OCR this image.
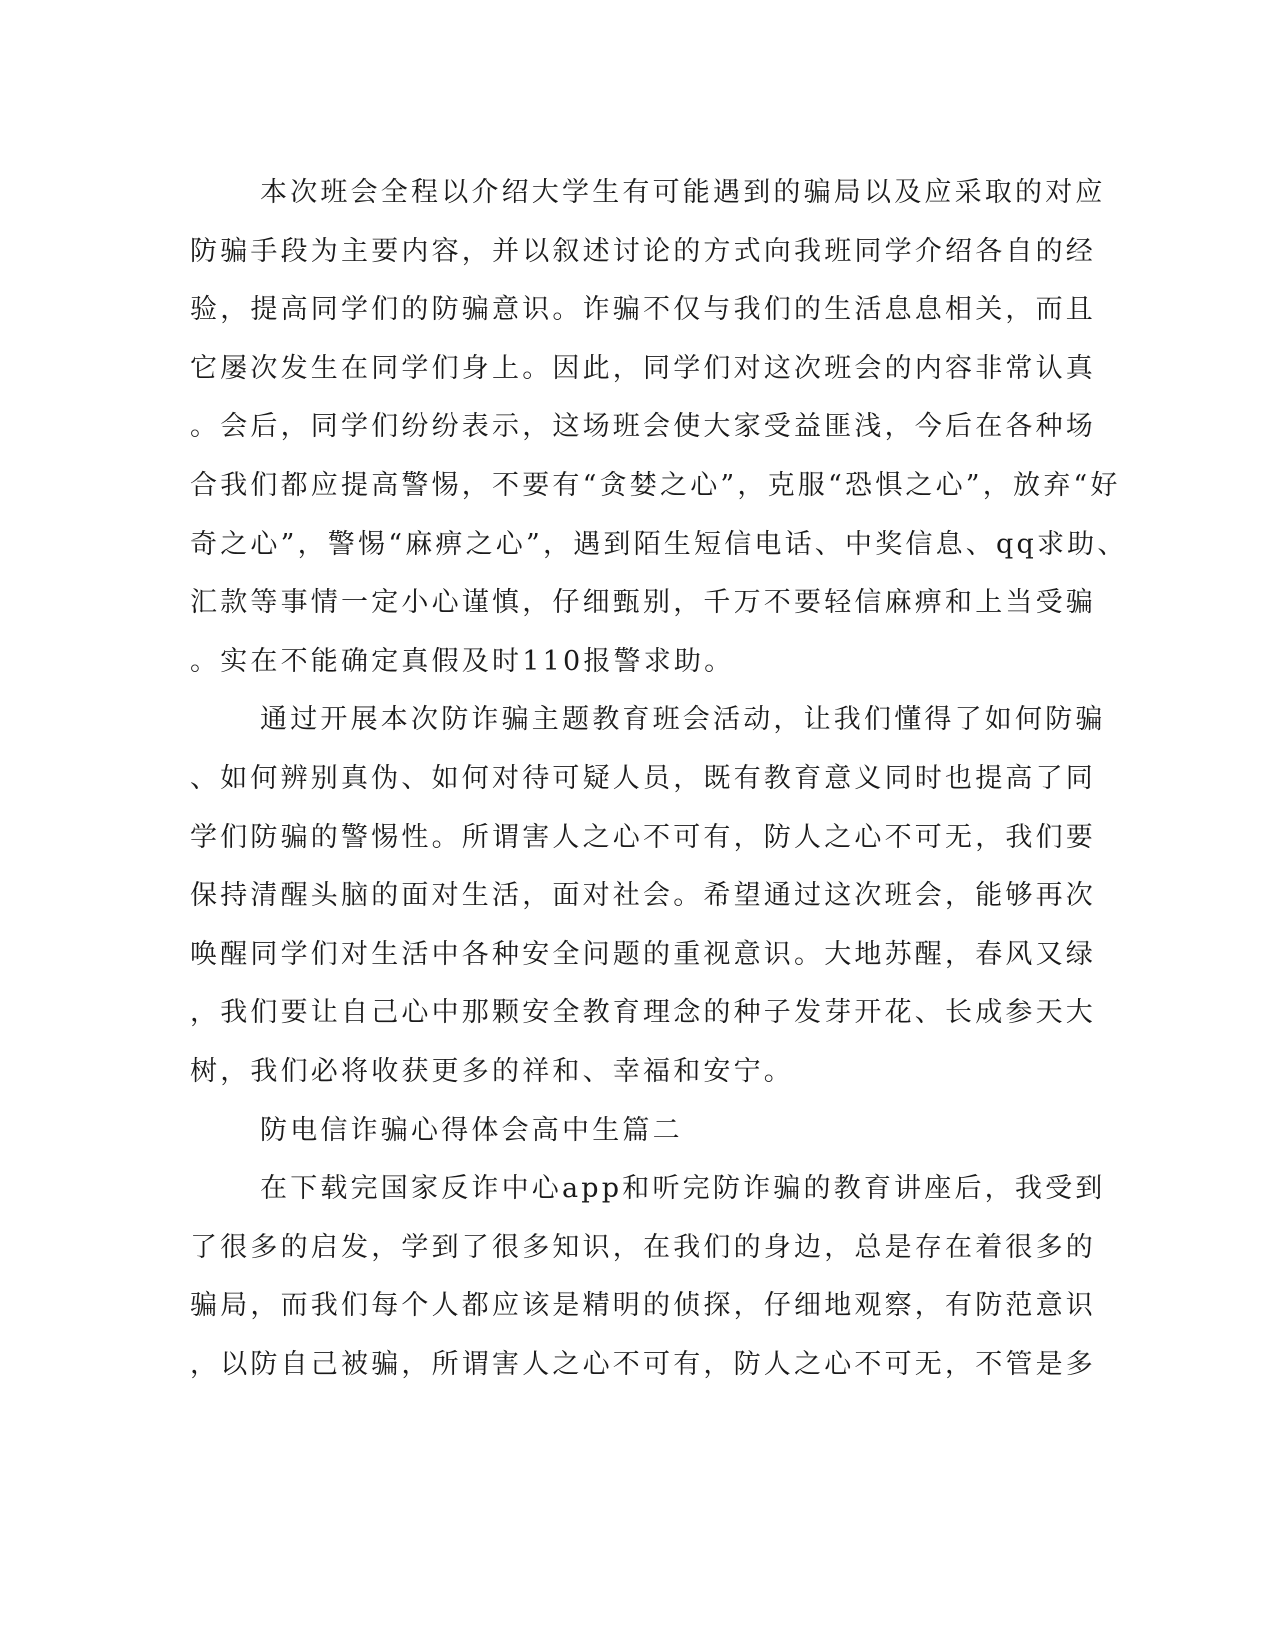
本次班会全程以介绍大学生有可能遇到的骗局以及应采取的对应
防骗手段为主要内容，并以叙述讨论的方式向我班同学介绍各自的经
验，提高同学们的防骗意识。诈骗不仅与我们的生活息息相关，而且
它屡次发生在同学们身上。因此，同学们对这次班会的内容非常认真
。会后，同学们纷纷表示，这场班会使大家受益匪浅，今后在各种场
合我们都应提高警惕，不要有“贪婪之心”，克服“恐惧之心”，放弃“好
奇之心”，警惕“麻痹之心”，遇到陌生短信电话、中奖信息、qq求助、
汇款等事情一定小心谨慎，仔细甄别，千万不要轻信麻痹和上当受骗
。实在不能确定真假及时110报警求助。
通过开展本次防诈骗主题教育班会活动，让我们懂得了如何防骗
、如何辨别真伪、如何对待可疑人员，既有教育意义同时也提高了同
学们防骗的警惕性。所谓害人之心不可有，防人之心不可无，我们要
保持清醒头脑的面对生活，面对社会。希望通过这次班会，能够再次
唤醒同学们对生活中各种安全问题的重视意识。大地苏醒，春风又绿
，我们要让自己心中那颗安全教育理念的种子发芽开花、长成参天大
树，我们必将收获更多的祥和、幸福和安宁。
防电信诈骗心得体会高中生篇二
在下载完国家反诈中心app和听完防诈骗的教育讲座后，我受到
了很多的启发，学到了很多知识，在我们的身边，总是存在着很多的
骗局，而我们每个人都应该是精明的侦探，仔细地观察，有防范意识
，以防自己被骗，所谓害人之心不可有，防人之心不可无，不管是多
